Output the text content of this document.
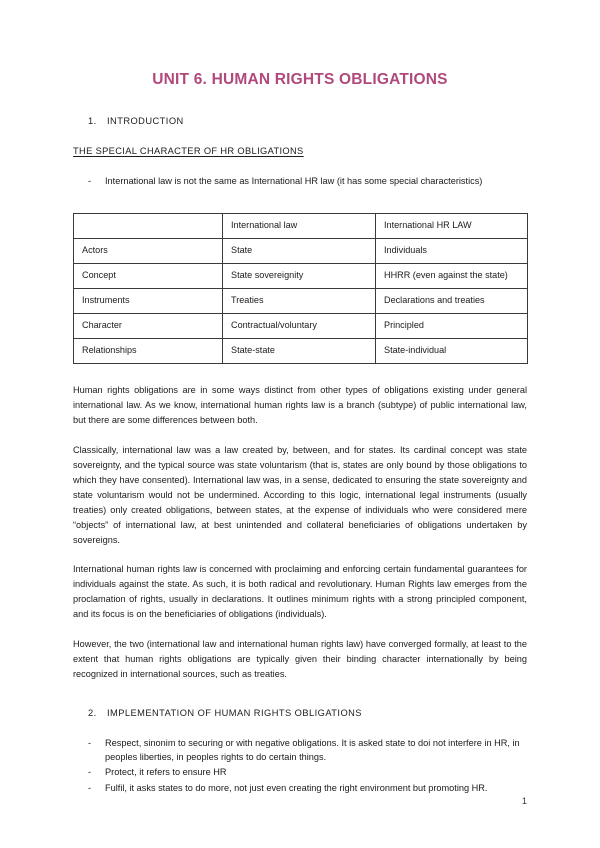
UNIT 6. HUMAN RIGHTS OBLIGATIONS
1.	INTRODUCTION
THE SPECIAL CHARACTER OF HR OBLIGATIONS
-	International law is not the same as International HR law (it has some special characteristics)
	International law	International HR LAW
Actors	State	Individuals
Concept	State sovereignity	HHRR (even against the state)
Instruments	Treaties	Declarations and treaties
Character	Contractual/voluntary	Principled
Relationships	State-state	State-individual

Human rights obligations are in some ways distinct from other types of obligations existing under general international law. As we know, international human rights law is a branch (subtype) of public international law, but there are some differences between both.

Classically, international law was a law created by, between, and for states. Its cardinal concept was state sovereignty, and the typical source was state voluntarism (that is, states are only bound by those obligations to which they have consented). International law was, in a sense, dedicated to ensuring the state sovereignty and state voluntarism would not be undermined. According to this logic, international legal instruments (usually treaties) only created obligations, between states, at the expense of individuals who were considered mere “objects” of international law, at best unintended and collateral beneficiaries of obligations undertaken by sovereigns.

International human rights law is concerned with proclaiming and enforcing certain fundamental guarantees for individuals against the state. As such, it is both radical and revolutionary. Human Rights law emerges from the proclamation of rights, usually in declarations. It outlines minimum rights with a strong principled component, and its focus is on the beneficiaries of obligations (individuals).

However, the two (international law and international human rights law) have converged formally, at least to the extent that human rights obligations are typically given their binding character internationally by being recognized in international sources, such as treaties.

2.	IMPLEMENTATION OF HUMAN RIGHTS OBLIGATIONS
-	Respect, sinonim to securing or with negative obligations. It is asked state to doi not interfere in HR, in peoples liberties, in peoples rights to do certain things.
-	Protect, it refers to ensure HR
-	Fulfil, it asks states to do more, not just even creating the right environment but promoting HR.
1
